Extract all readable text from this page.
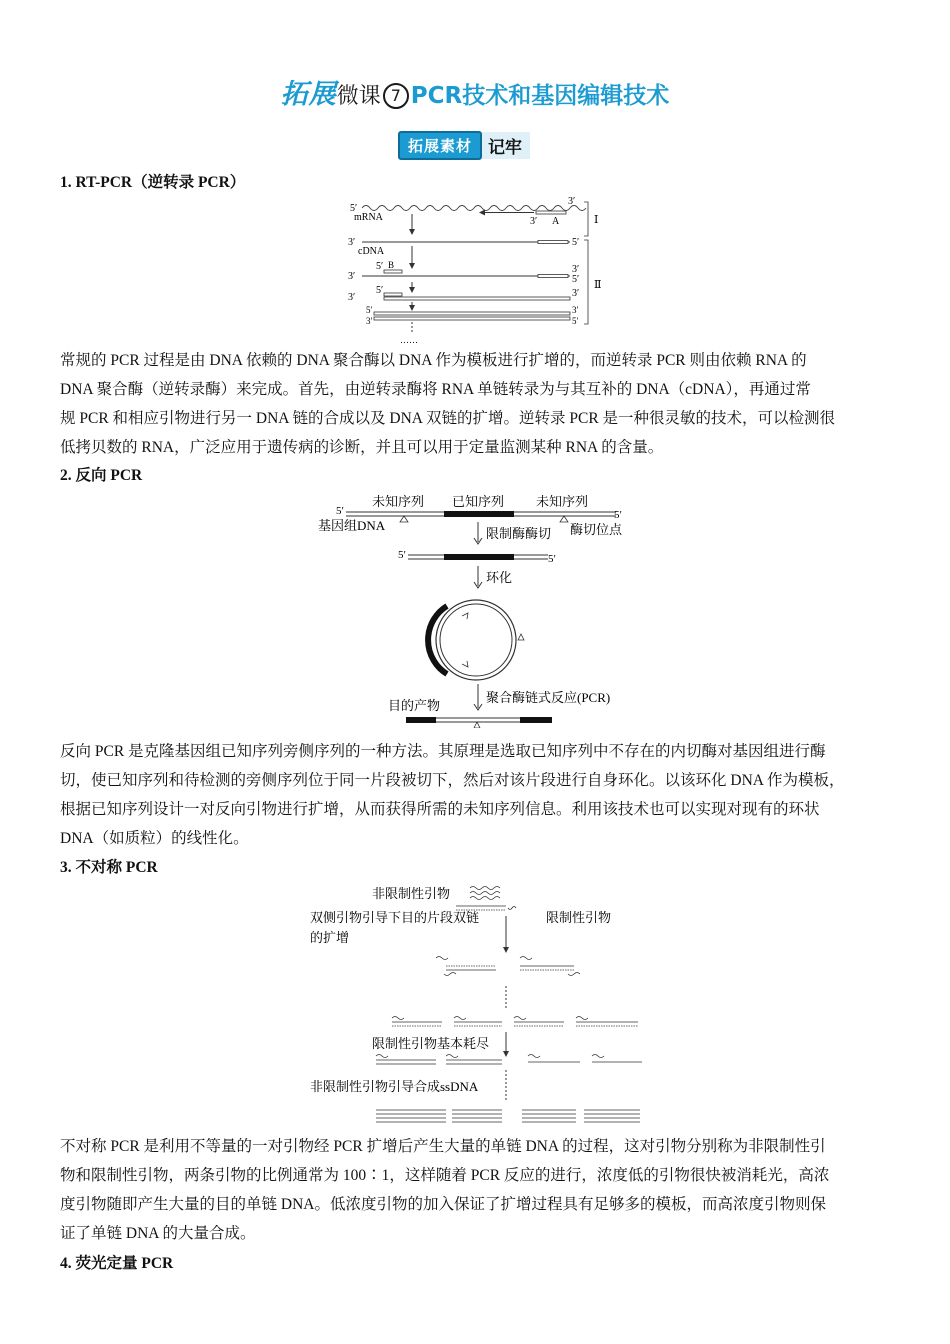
拓展微课 7 PCR技术和基因编辑技术
拓展素材 记牢
1. RT-PCR（逆转录 PCR）
5′
3′
mRNA	3′ A
3′	5′
cDNA
5′ B
3′
3′
5′
5′
3′	3′
5′
3′
3′
5′
……
Ⅰ
Ⅱ

常规的 PCR 过程是由 DNA 依赖的 DNA 聚合酶以 DNA 作为模板进行扩增的，而逆转录 PCR 则由依赖 RNA 的

DNA 聚合酶（逆转录酶）来完成。首先，由逆转录酶将 RNA 单链转录为与其互补的 DNA（cDNA），再通过常

规 PCR 和相应引物进行另一 DNA 链的合成以及 DNA 双链的扩增。逆转录 PCR 是一种很灵敏的技术，可以检测很

低拷贝数的 RNA，广泛应用于遗传病的诊断，并且可以用于定量监测某种 RNA 的含量。

2. 反向 PCR
未知序列 已知序列 未知序列
5′	5′
基因组DNA	酶切位点
限制酶酶切
5′	5′
环化
聚合酶链式反应(PCR)
目的产物

反向 PCR 是克隆基因组已知序列旁侧序列的一种方法。其原理是选取已知序列中不存在的内切酶对基因组进行酶

切，使已知序列和待检测的旁侧序列位于同一片段被切下，然后对该片段进行自身环化。以该环化 DNA 作为模板，

根据已知序列设计一对反向引物进行扩增，从而获得所需的未知序列信息。利用该技术也可以实现对现有的环状

DNA（如质粒）的线性化。

3. 不对称 PCR
非限制性引物
双侧引物引导下目的片段双链
的扩增
限制性引物
限制性引物基本耗尽
非限制性引物引导合成ssDNA

不对称 PCR 是利用不等量的一对引物经 PCR 扩增后产生大量的单链 DNA 的过程，这对引物分别称为非限制性引

物和限制性引物，两条引物的比例通常为 100∶1，这样随着 PCR 反应的进行，浓度低的引物很快被消耗光，高浓

度引物随即产生大量的目的单链 DNA。低浓度引物的加入保证了扩增过程具有足够多的模板，而高浓度引物则保

证了单链 DNA 的大量合成。

4. 荧光定量 PCR
